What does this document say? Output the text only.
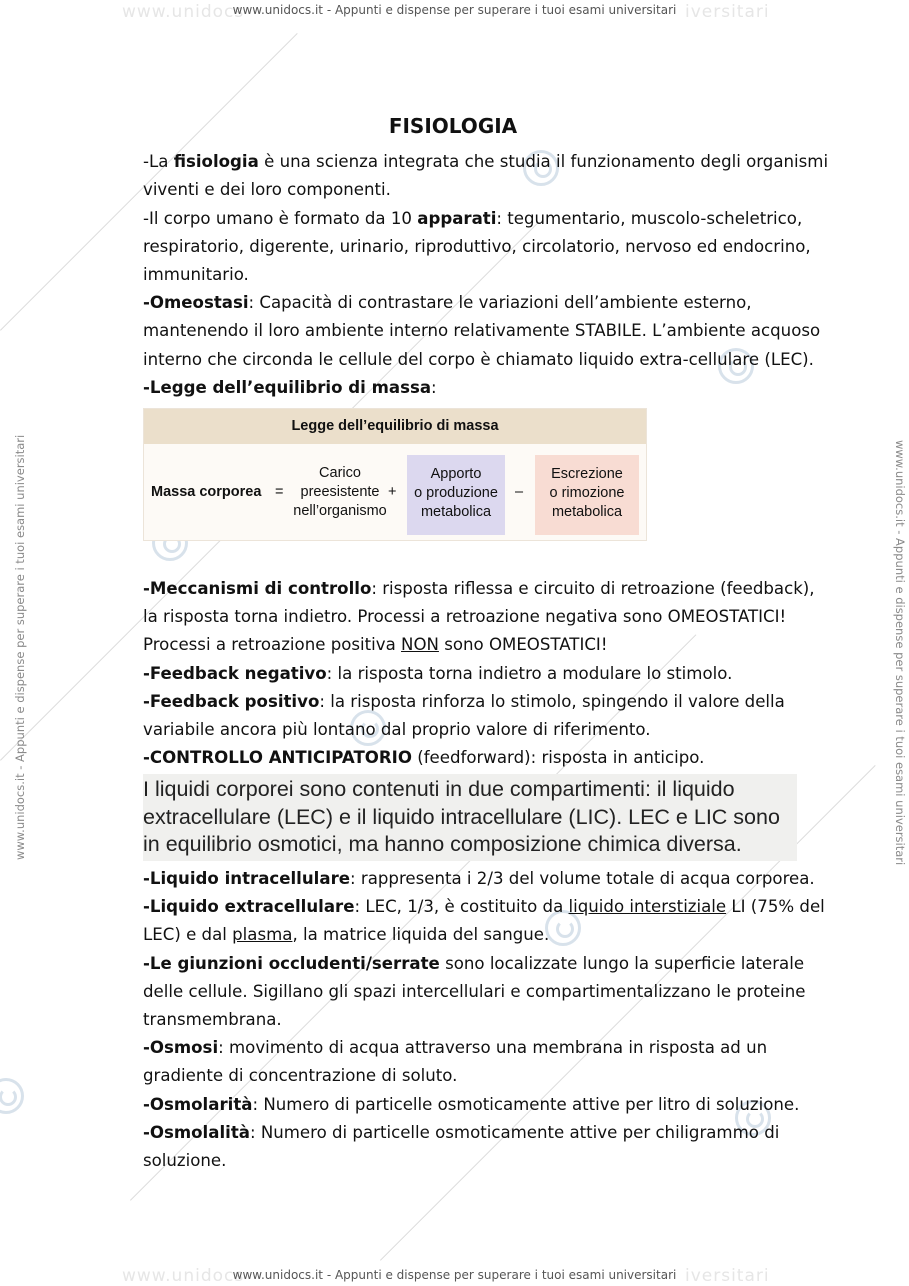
www.unidocs	iversitari
www.unidocs	iversitari
www.unidocs.it - Appunti e dispense per superare i tuoi esami universitari
www.unidocs.it - Appunti e dispense per superare i tuoi esami universitari
www.unidocs.it - Appunti e dispense per superare i tuoi esami universitari	www.unidocs.it - Appunti e dispense per superare i tuoi esami universitari
FISIOLOGIA

-La fisiologia è una scienza integrata che studia il funzionamento degli organismi viventi e dei loro componenti.

-Il corpo umano è formato da 10 apparati: tegumentario, muscolo-scheletrico, respiratorio, digerente, urinario, riproduttivo, circolatorio, nervoso ed endocrino, immunitario.

-Omeostasi: Capacità di contrastare le variazioni dell’ambiente esterno, mantenendo il loro ambiente interno relativamente STABILE. L’ambiente acquoso interno che circonda le cellule del corpo è chiamato liquido extra-cellulare (LEC).

-Legge dell’equilibrio di massa:

Legge dell’equilibrio di massa
Massa corporea =
Carico
preesistente
nell’organismo
+
Apporto
o produzione
metabolica
–
Escrezione
o rimozione
metabolica

-Meccanismi di controllo: risposta riflessa e circuito di retroazione (feedback), la risposta torna indietro. Processi a retroazione negativa sono OMEOSTATICI! Processi a retroazione positiva NON sono OMEOSTATICI!

-Feedback negativo: la risposta torna indietro a modulare lo stimolo.

-Feedback positivo: la risposta rinforza lo stimolo, spingendo il valore della variabile ancora più lontano dal proprio valore di riferimento.

-CONTROLLO ANTICIPATORIO (feedforward): risposta in anticipo.

I liquidi corporei sono contenuti in due compartimenti: il liquido extracellulare (LEC) e il liquido intracellulare (LIC). LEC e LIC sono in equilibrio osmotici, ma hanno composizione chimica diversa.

-Liquido intracellulare: rappresenta i 2/3 del volume totale di acqua corporea.

-Liquido extracellulare: LEC, 1/3, è costituito da liquido interstiziale LI (75% del LEC) e dal plasma, la matrice liquida del sangue.

-Le giunzioni occludenti/serrate sono localizzate lungo la superficie laterale delle cellule. Sigillano gli spazi intercellulari e compartimentalizzano le proteine transmembrana.

-Osmosi: movimento di acqua attraverso una membrana in risposta ad un gradiente di concentrazione di soluto.

-Osmolarità: Numero di particelle osmoticamente attive per litro di soluzione.

-Osmolalità: Numero di particelle osmoticamente attive per chiligrammo di soluzione.
